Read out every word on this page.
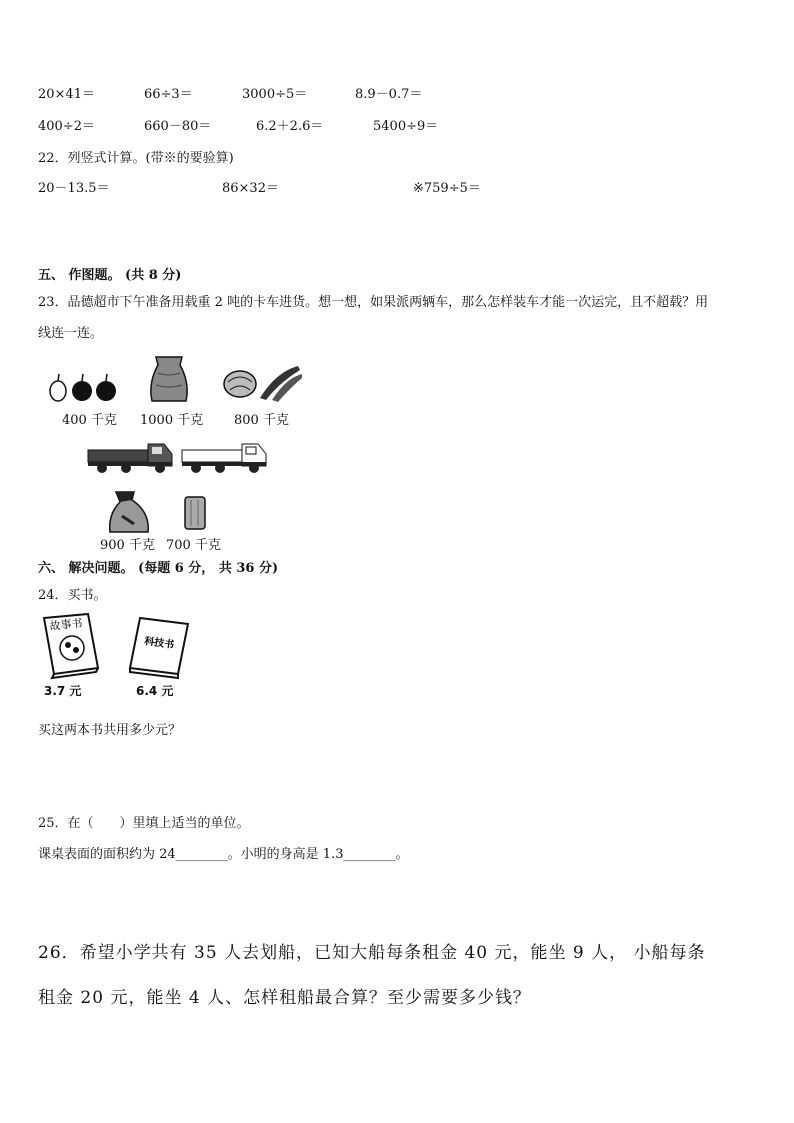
20×41＝	66÷3＝	3000÷5＝	8.9－0.7＝
400÷2＝	660－80＝	6.2＋2.6＝	5400÷9＝
22．列竖式计算。(带※的要验算)
20－13.5＝	86×32＝	※759÷5＝
五、 作图题。 (共 8 分)
23．品德超市下午准备用载重 2 吨的卡车进货。想一想，如果派两辆车，那么怎样装车才能一次运完，且不超载？用
线连一连。
400 千克 1000 千克 800 千克
900 千克 700 千克
六、 解决问题。 (每题 6 分， 共 36 分)
24．买书。
故事书
科技书
3.7 元	6.4 元
买这两本书共用多少元？
25．在（　　）里填上适当的单位。
课桌表面的面积约为 24________。小明的身高是 1.3________。
26．希望小学共有 35 人去划船，已知大船每条租金 40 元，能坐 9 人， 小船每条
租金 20 元，能坐 4 人、怎样租船最合算？至少需要多少钱？
